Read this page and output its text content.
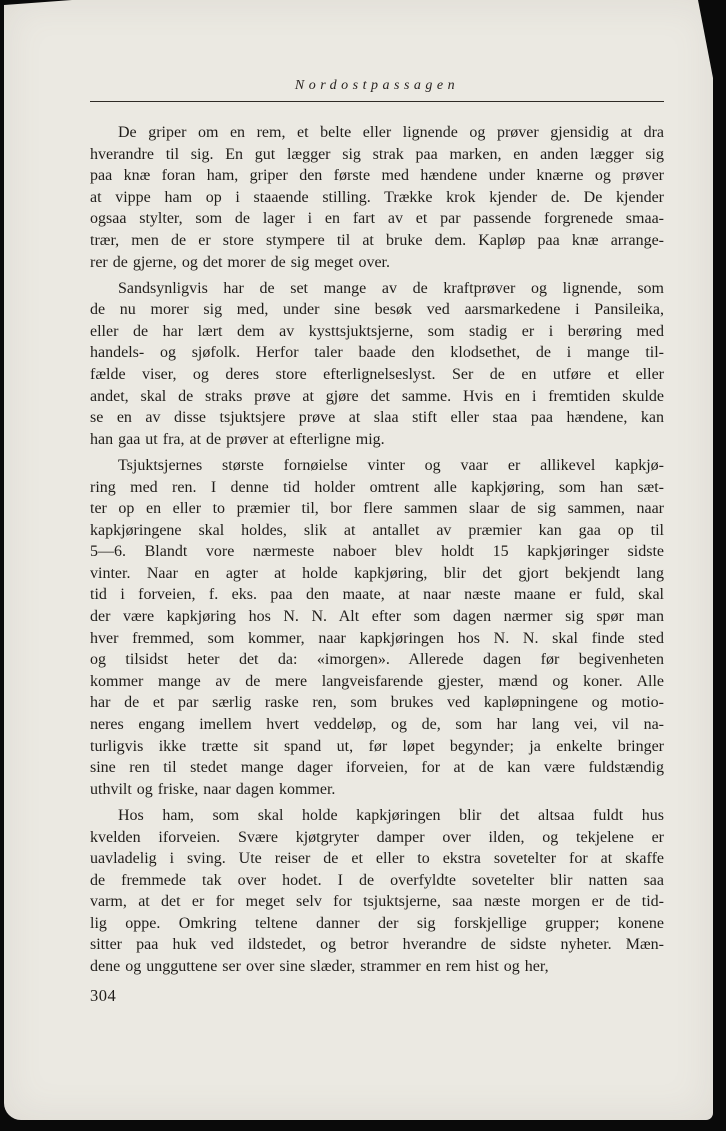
Nordostpassagen
De griper om en rem, et belte eller lignende og prøver gjensidig at dra
hverandre til sig. En gut lægger sig strak paa marken, en anden lægger sig
paa knæ foran ham, griper den første med hændene under knærne og prøver
at vippe ham op i staaende stilling. Trække krok kjender de. De kjender
ogsaa stylter, som de lager i en fart av et par passende forgrenede smaa-
trær, men de er store stympere til at bruke dem. Kapløp paa knæ arrange-
rer de gjerne, og det morer de sig meget over.
Sandsynligvis har de set mange av de kraftprøver og lignende, som
de nu morer sig med, under sine besøk ved aarsmarkedene i Pansileika,
eller de har lært dem av kysttsjuktsjerne, som stadig er i berøring med
handels- og sjøfolk. Herfor taler baade den klodsethet, de i mange til-
fælde viser, og deres store efterlignelseslyst. Ser de en utføre et eller
andet, skal de straks prøve at gjøre det samme. Hvis en i fremtiden skulde
se en av disse tsjuktsjere prøve at slaa stift eller staa paa hændene, kan
han gaa ut fra, at de prøver at efterligne mig.
Tsjuktsjernes største fornøielse vinter og vaar er allikevel kapkjø-
ring med ren. I denne tid holder omtrent alle kapkjøring, som han sæt-
ter op en eller to præmier til, bor flere sammen slaar de sig sammen, naar
kapkjøringene skal holdes, slik at antallet av præmier kan gaa op til
5—6. Blandt vore nærmeste naboer blev holdt 15 kapkjøringer sidste
vinter. Naar en agter at holde kapkjøring, blir det gjort bekjendt lang
tid i forveien, f. eks. paa den maate, at naar næste maane er fuld, skal
der være kapkjøring hos N. N. Alt efter som dagen nærmer sig spør man
hver fremmed, som kommer, naar kapkjøringen hos N. N. skal finde sted
og tilsidst heter det da: «imorgen». Allerede dagen før begivenheten
kommer mange av de mere langveisfarende gjester, mænd og koner. Alle
har de et par særlig raske ren, som brukes ved kapløpningene og motio-
neres engang imellem hvert veddeløp, og de, som har lang vei, vil na-
turligvis ikke trætte sit spand ut, før løpet begynder; ja enkelte bringer
sine ren til stedet mange dager iforveien, for at de kan være fuldstændig
uthvilt og friske, naar dagen kommer.
Hos ham, som skal holde kapkjøringen blir det altsaa fuldt hus
kvelden iforveien. Svære kjøtgryter damper over ilden, og tekjelene er
uavladelig i sving. Ute reiser de et eller to ekstra sovetelter for at skaffe
de fremmede tak over hodet. I de overfyldte sovetelter blir natten saa
varm, at det er for meget selv for tsjuktsjerne, saa næste morgen er de tid-
lig oppe. Omkring teltene danner der sig forskjellige grupper; konene
sitter paa huk ved ildstedet, og betror hverandre de sidste nyheter. Mæn-
dene og ungguttene ser over sine slæder, strammer en rem hist og her,
304
